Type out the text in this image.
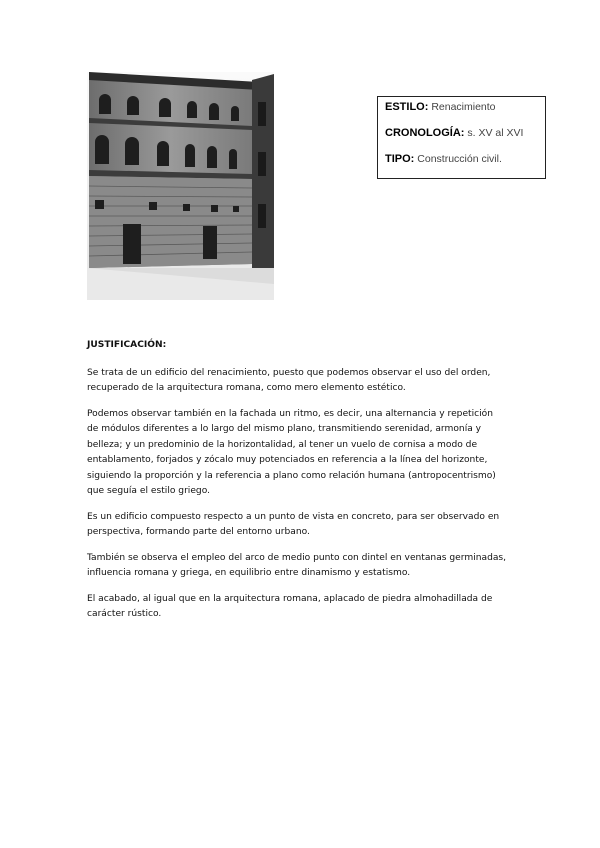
ESTILO: Renacimiento
CRONOLOGÍA: s. XV al XVI
TIPO: Construcción civil.
JUSTIFICACIÓN:

Se trata de un edificio del renacimiento, puesto que podemos observar el uso del orden, recuperado de la arquitectura romana, como mero elemento estético.

Podemos observar también en la fachada un ritmo, es decir, una alternancia y repetición de módulos diferentes a lo largo del mismo plano, transmitiendo serenidad, armonía y belleza; y un predominio de la horizontalidad, al tener un vuelo de cornisa a modo de entablamento, forjados y zócalo muy potenciados en referencia a la línea del horizonte, siguiendo la proporción y la referencia a plano como relación humana (antropocentrismo) que seguía el estilo griego.

Es un edificio compuesto respecto a un punto de vista en concreto, para ser observado en perspectiva, formando parte del entorno urbano.

También se observa el empleo del arco de medio punto con dintel en ventanas germinadas, influencia romana y griega, en equilibrio entre dinamismo y estatismo.

El acabado, al igual que en la arquitectura romana, aplacado de piedra almohadillada de carácter rústico.
